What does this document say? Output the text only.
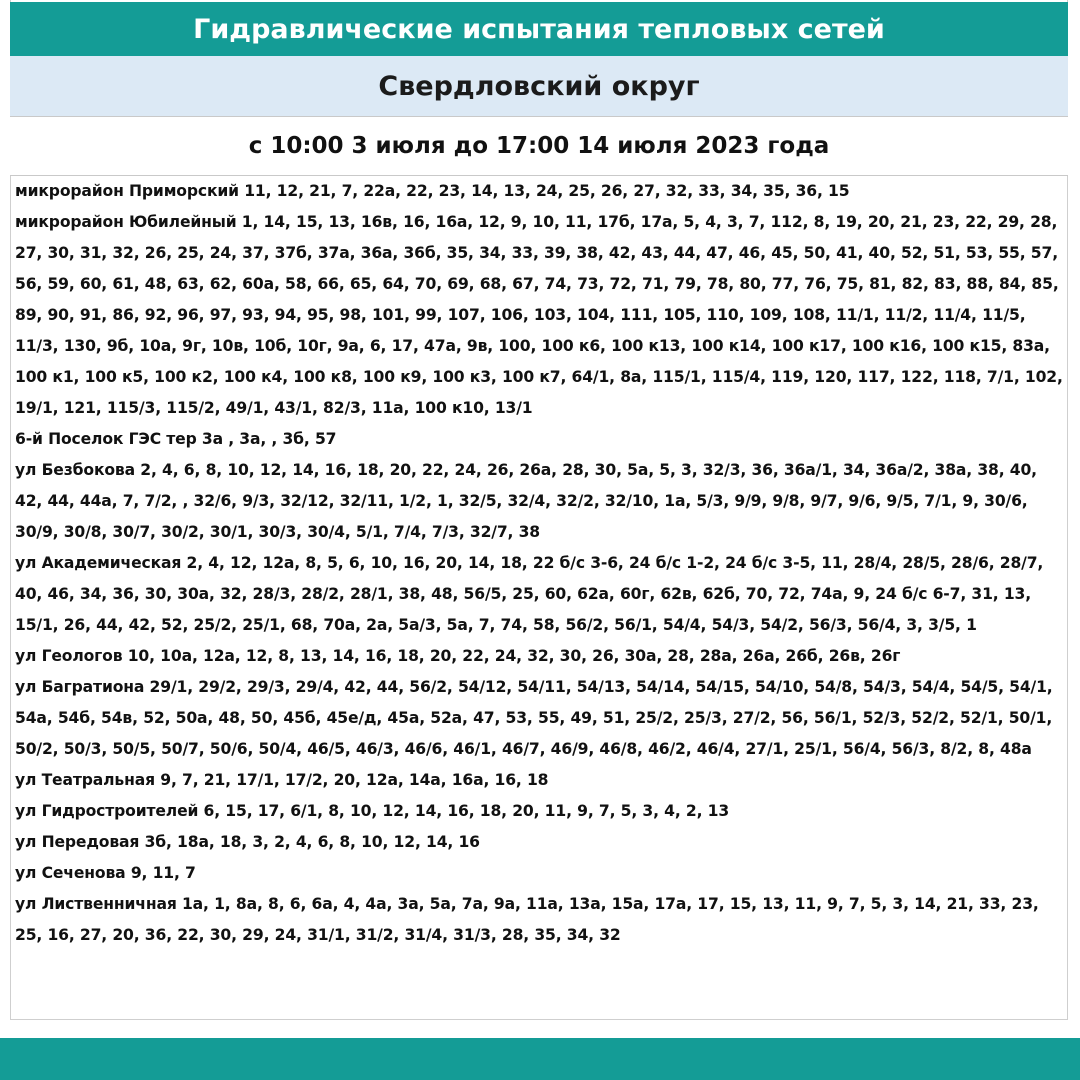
Гидравлические испытания тепловых сетей
Свердловский округ
с 10:00 3 июля до 17:00 14 июля 2023 года

микрорайон Приморский 11, 12, 21, 7, 22а, 22, 23, 14, 13, 24, 25, 26, 27, 32, 33, 34, 35, 36, 15

микрорайон Юбилейный 1, 14, 15, 13, 16в, 16, 16а, 12, 9, 10, 11, 17б, 17а, 5, 4, 3, 7, 112, 8, 19, 20, 21, 23, 22, 29, 28, 27, 30, 31, 32, 26, 25, 24, 37, 37б, 37а, 36а, 36б, 35, 34, 33, 39, 38, 42, 43, 44, 47, 46, 45, 50, 41, 40, 52, 51, 53, 55, 57, 56, 59, 60, 61, 48, 63, 62, 60а, 58, 66, 65, 64, 70, 69, 68, 67, 74, 73, 72, 71, 79, 78, 80, 77, 76, 75, 81, 82, 83, 88, 84, 85, 89, 90, 91, 86, 92, 96, 97, 93, 94, 95, 98, 101, 99, 107, 106, 103, 104, 111, 105, 110, 109, 108, 11/1, 11/2, 11/4, 11/5, 11/3, 130, 9б, 10а, 9г, 10в, 10б, 10г, 9а, 6, 17, 47а, 9в, 100, 100 к6, 100 к13, 100 к14, 100 к17, 100 к16, 100 к15, 83а, 100 к1, 100 к5, 100 к2, 100 к4, 100 к8, 100 к9, 100 к3, 100 к7, 64/1, 8а, 115/1, 115/4, 119, 120, 117, 122, 118, 7/1, 102, 19/1, 121, 115/3, 115/2, 49/1, 43/1, 82/3, 11а, 100 к10, 13/1

6-й Поселок ГЭС тер 3а , 3а, , 3б, 57

ул Безбокова 2, 4, 6, 8, 10, 12, 14, 16, 18, 20, 22, 24, 26, 26а, 28, 30, 5а, 5, 3, 32/3, 36, 36а/1, 34, 36а/2, 38а, 38, 40, 42, 44, 44а, 7, 7/2, , 32/6, 9/3, 32/12, 32/11, 1/2, 1, 32/5, 32/4, 32/2, 32/10, 1а, 5/3, 9/9, 9/8, 9/7, 9/6, 9/5, 7/1, 9, 30/6, 30/9, 30/8, 30/7, 30/2, 30/1, 30/3, 30/4, 5/1, 7/4, 7/3, 32/7, 38

ул Академическая 2, 4, 12, 12а, 8, 5, 6, 10, 16, 20, 14, 18, 22 б/с 3-6, 24 б/с 1-2, 24 б/с 3-5, 11, 28/4, 28/5, 28/6, 28/7, 40, 46, 34, 36, 30, 30а, 32, 28/3, 28/2, 28/1, 38, 48, 56/5, 25, 60, 62а, 60г, 62в, 62б, 70, 72, 74а, 9, 24 б/с 6-7, 31, 13, 15/1, 26, 44, 42, 52, 25/2, 25/1, 68, 70а, 2а, 5а/3, 5а, 7, 74, 58, 56/2, 56/1, 54/4, 54/3, 54/2, 56/3, 56/4, 3, 3/5, 1

ул Геологов 10, 10а, 12а, 12, 8, 13, 14, 16, 18, 20, 22, 24, 32, 30, 26, 30а, 28, 28а, 26а, 26б, 26в, 26г

ул Багратиона 29/1, 29/2, 29/3, 29/4, 42, 44, 56/2, 54/12, 54/11, 54/13, 54/14, 54/15, 54/10, 54/8, 54/3, 54/4, 54/5, 54/1, 54а, 54б, 54в, 52, 50а, 48, 50, 45б, 45е/д, 45а, 52а, 47, 53, 55, 49, 51, 25/2, 25/3, 27/2, 56, 56/1, 52/3, 52/2, 52/1, 50/1, 50/2, 50/3, 50/5, 50/7, 50/6, 50/4, 46/5, 46/3, 46/6, 46/1, 46/7, 46/9, 46/8, 46/2, 46/4, 27/1, 25/1, 56/4, 56/3, 8/2, 8, 48а

ул Театральная 9, 7, 21, 17/1, 17/2, 20, 12а, 14а, 16а, 16, 18

ул Гидростроителей 6, 15, 17, 6/1, 8, 10, 12, 14, 16, 18, 20, 11, 9, 7, 5, 3, 4, 2, 13

ул Передовая 3б, 18а, 18, 3, 2, 4, 6, 8, 10, 12, 14, 16

ул Сеченова 9, 11, 7

ул Лиственничная 1а, 1, 8а, 8, 6, 6а, 4, 4а, 3а, 5а, 7а, 9а, 11а, 13а, 15а, 17а, 17, 15, 13, 11, 9, 7, 5, 3, 14, 21, 33, 23, 25, 16, 27, 20, 36, 22, 30, 29, 24, 31/1, 31/2, 31/4, 31/3, 28, 35, 34, 32
